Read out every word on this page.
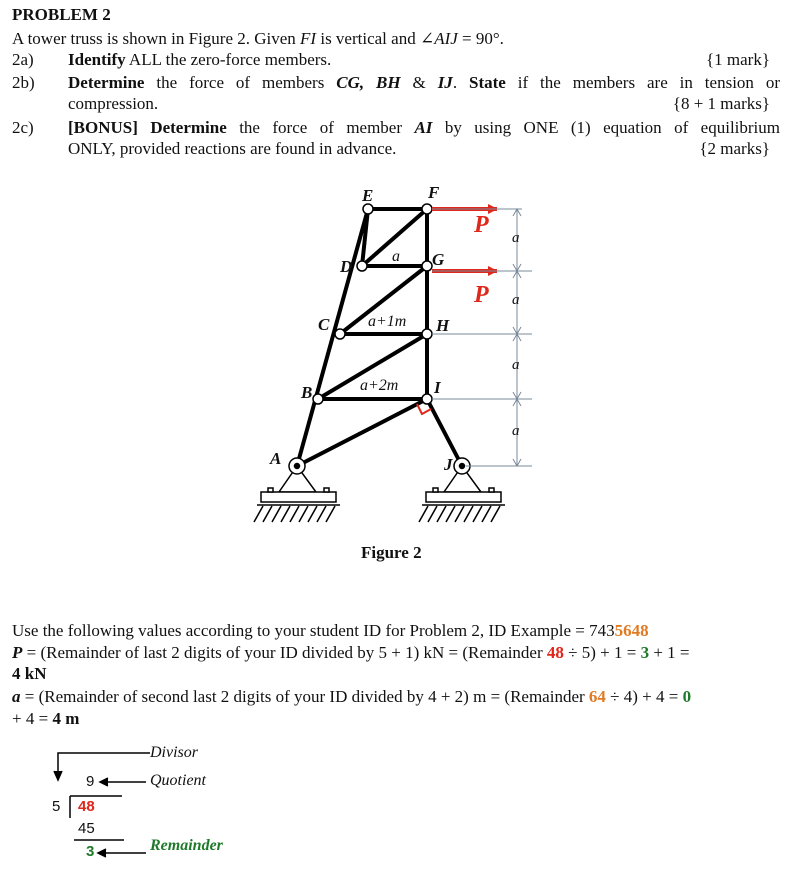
PROBLEM 2
A tower truss is shown in Figure 2. Given FI is vertical and ∠AIJ = 90°.
2a) Identify ALL the zero-force members.	{1 mark}
2b) Determine the force of members CG, BH & IJ. State if the members are in tension or
compression.	{8 + 1 marks}
2c) [BONUS] Determine the force of member AI by using ONE (1) equation of equilibrium
ONLY, provided reactions are found in advance.	{2 marks}
E	F
D	G
C	H
B	I
A	J
P
P
a
a+1m
a+2m
a
a
a
a
Figure 2
Use the following values according to your student ID for Problem 2, ID Example = 7435648
P = (Remainder of last 2 digits of your ID divided by 5 + 1) kN = (Remainder 48 ÷ 5) + 1 = 3 + 1 =
4 kN
a = (Remainder of second last 2 digits of your ID divided by 4 + 2) m = (Remainder 64 ÷ 4) + 4 = 0
+ 4 = 4 m
Divisor
Quotient
Remainder
9
5 48
45
3
